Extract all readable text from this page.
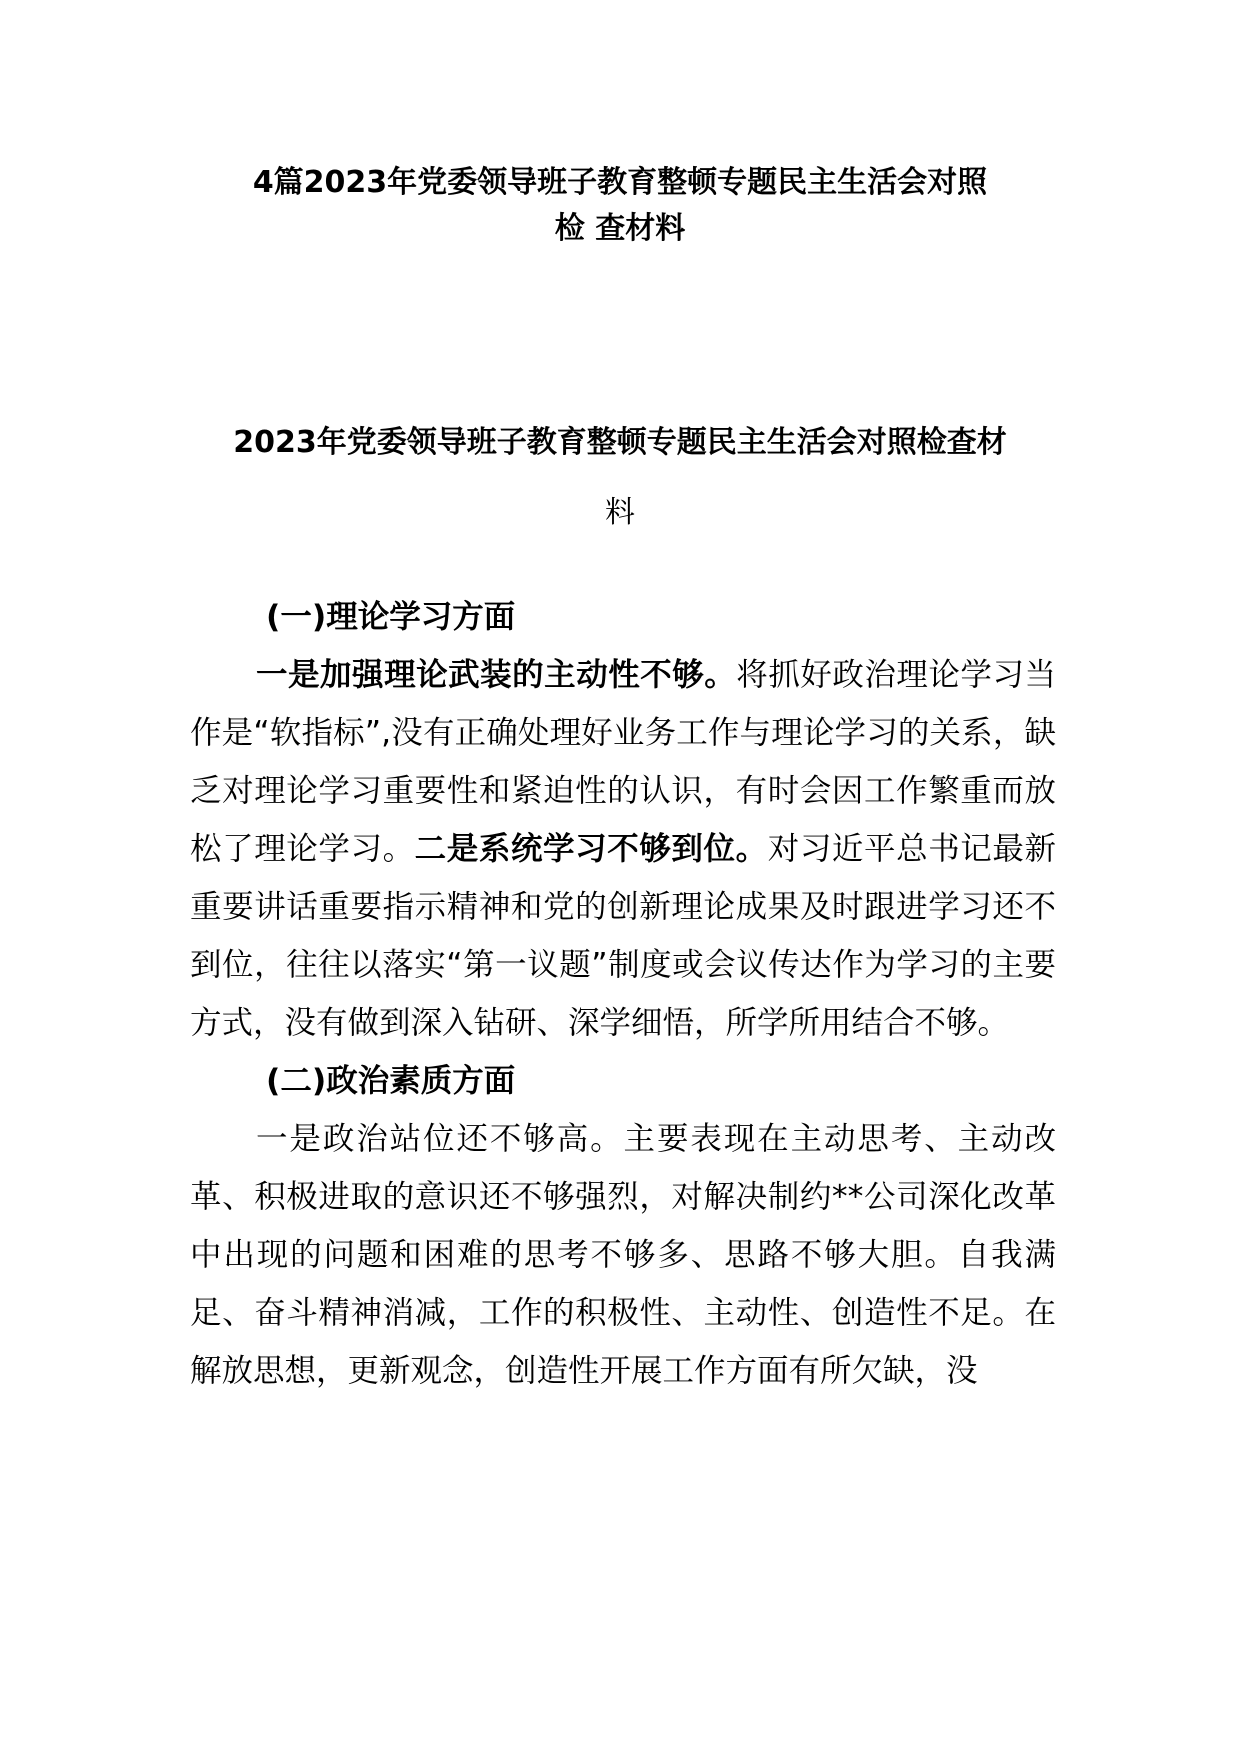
4篇2023年党委领导班子教育整顿专题民主生活会对照
检 查材料
2023年党委领导班子教育整顿专题民主生活会对照检查材
料

(一)理论学习方面

一是加强理论武装的主动性不够。将抓好政治理论学习当作是“软指标”,没有正确处理好业务工作与理论学习的关系，缺乏对理论学习重要性和紧迫性的认识，有时会因工作繁重而放松了理论学习。二是系统学习不够到位。对习近平总书记最新重要讲话重要指示精神和党的创新理论成果及时跟进学习还不到位，往往以落实“第一议题”制度或会议传达作为学习的主要方式，没有做到深入钻研、深学细悟，所学所用结合不够。

(二)政治素质方面

一是政治站位还不够高。主要表现在主动思考、主动改革、积极进取的意识还不够强烈，对解决制约**公司深化改革中出现的问题和困难的思考不够多、思路不够大胆。自我满足、奋斗精神消减，工作的积极性、主动性、创造性不足。在解放思想，更新观念，创造性开展工作方面有所欠缺，没
